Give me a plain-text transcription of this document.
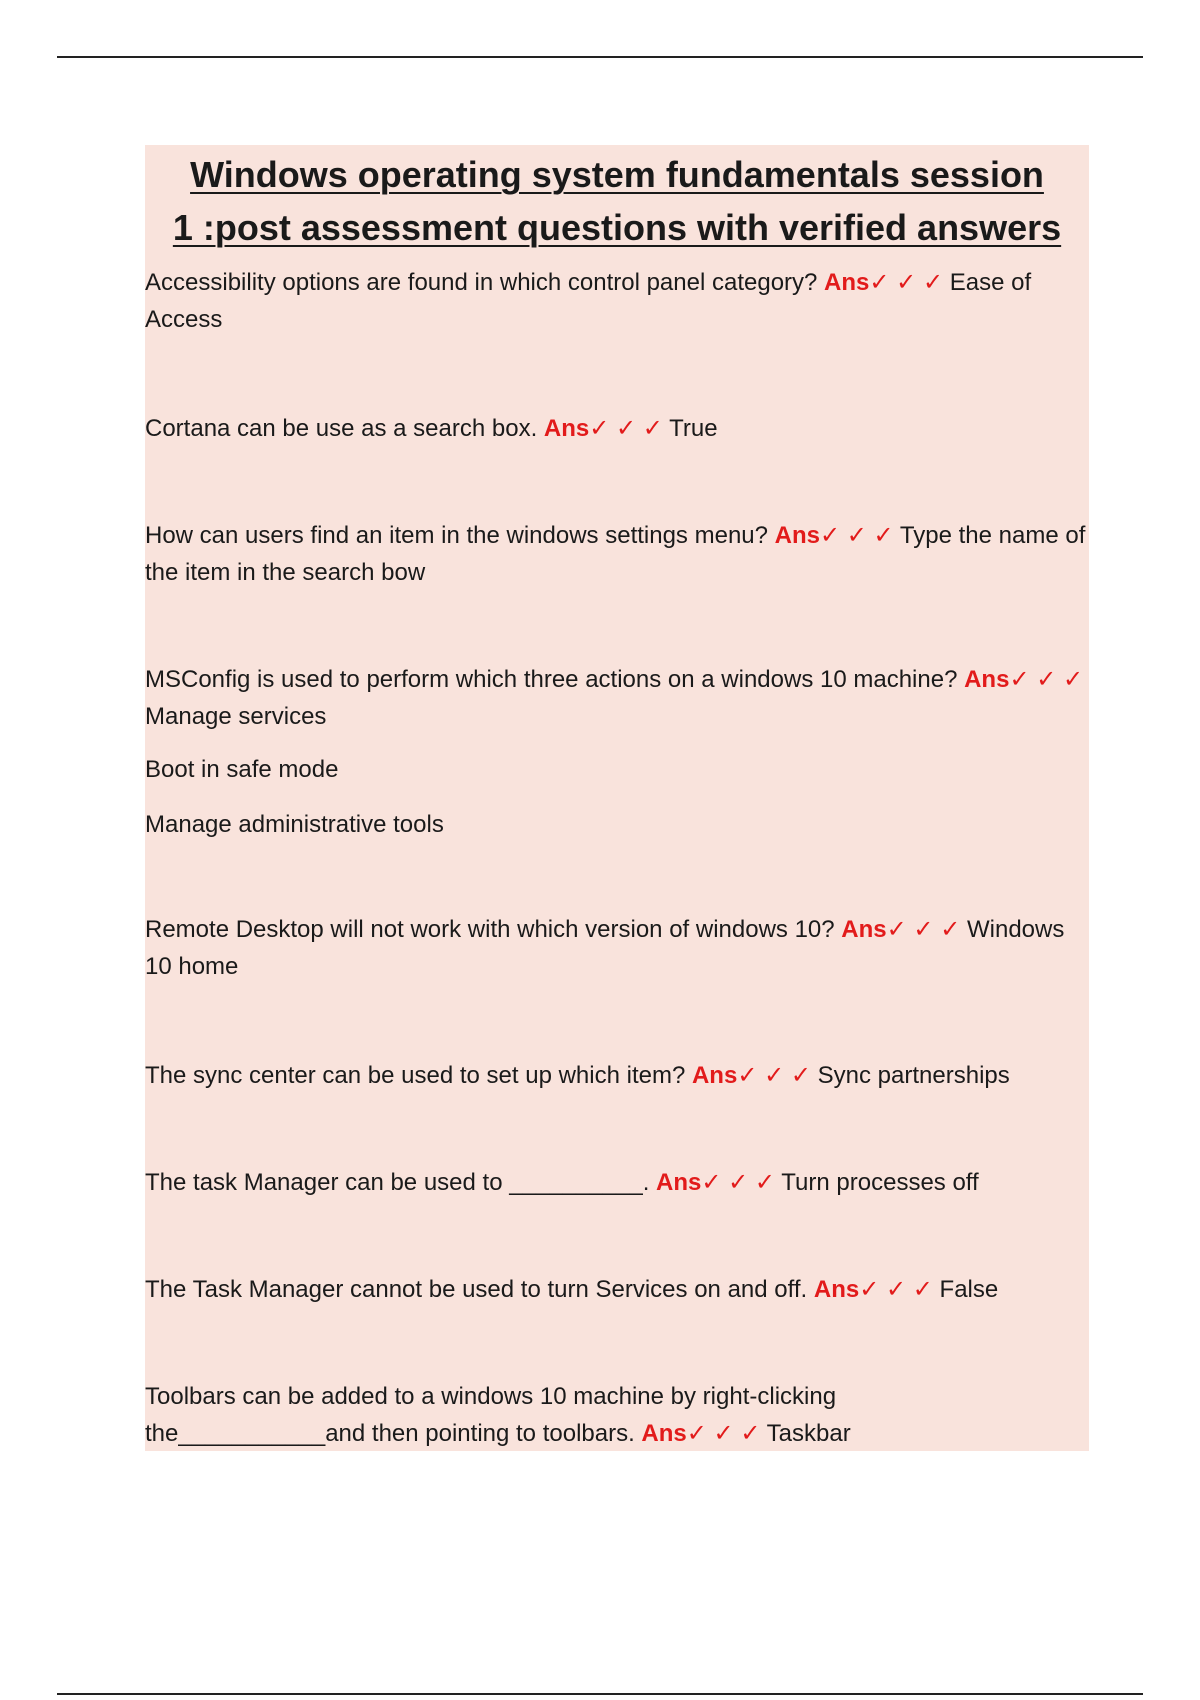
Windows operating system fundamentals session
1 :post assessment questions with verified answers

Accessibility options are found in which control panel category? Ans✓ ✓ ✓ Ease of Access

Cortana can be use as a search box. Ans✓ ✓ ✓ True

How can users find an item in the windows settings menu? Ans✓ ✓ ✓ Type the name of the item in the search bow

MSConfig is used to perform which three actions on a windows 10 machine? Ans✓ ✓ ✓ Manage services

Boot in safe mode

Manage administrative tools

Remote Desktop will not work with which version of windows 10? Ans✓ ✓ ✓ Windows 10 home

The sync center can be used to set up which item? Ans✓ ✓ ✓ Sync partnerships

The task Manager can be used to __________. Ans✓ ✓ ✓ Turn processes off

The Task Manager cannot be used to turn Services on and off. Ans✓ ✓ ✓ False

Toolbars can be added to a windows 10 machine by right-clicking the___________and then pointing to toolbars. Ans✓ ✓ ✓ Taskbar
